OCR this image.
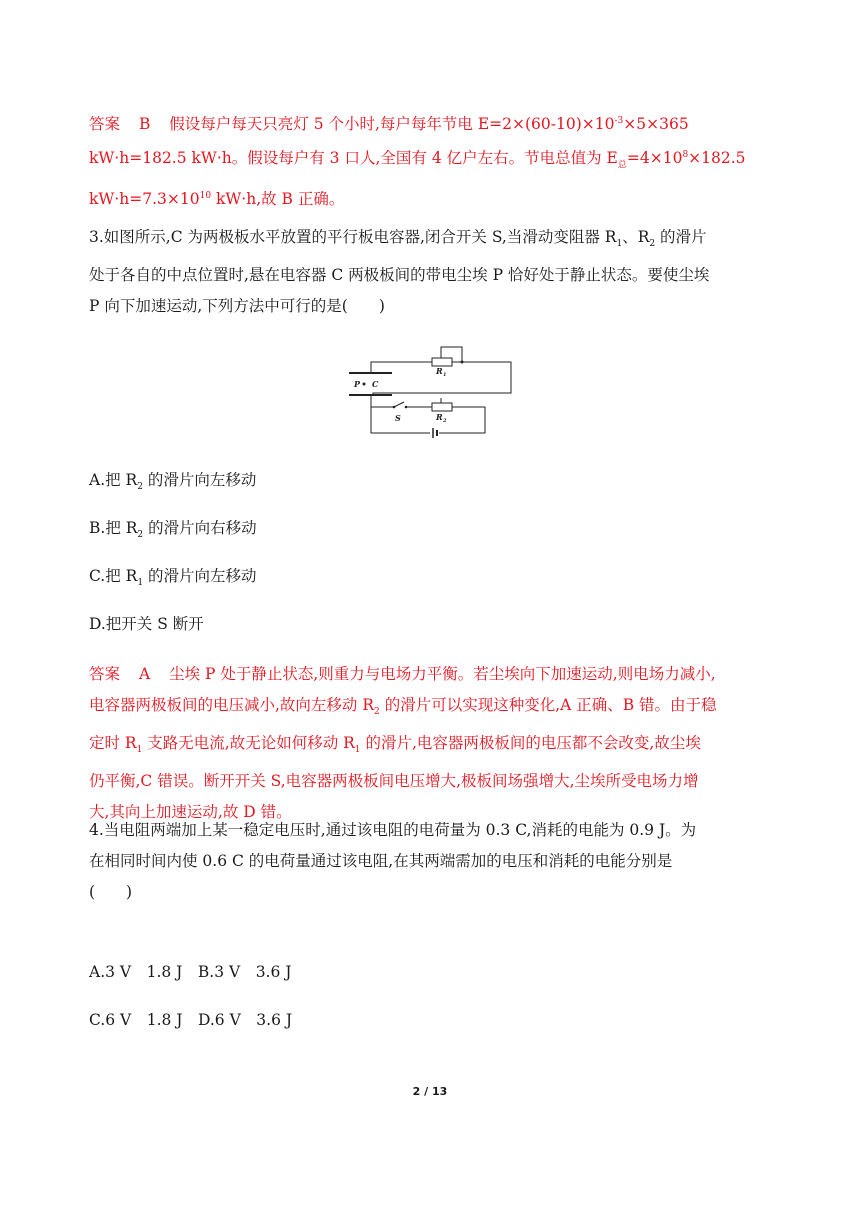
答案 B 假设每户每天只亮灯 5 个小时,每户每年节电 $E=2\times(60-10)\times 10^{-3}\times 5\times 365$
kW·h=182.5 kW·h。假设每户有 3 口人,全国有 4 亿户左右。节电总值为 $E_总=4\times 10^8\times 182.5$
$kW\cdot h=7.3\times 10^{10}$ kW·h,故 B 正确。
3.如图所示,C 为两极板水平放置的平行板电容器,闭合开关 S,当滑动变阻器 $R_1$、$R_2$ 的滑片
处于各自的中点位置时,悬在电容器 C 两极板间的带电尘埃 P 恰好处于静止状态。要使尘埃
P 向下加速运动,下列方法中可行的是(　　)
P C
R 1
R 2
S
A.把 $R_2$ 的滑片向左移动
B.把 $R_2$ 的滑片向右移动
C.把 $R_1$ 的滑片向左移动
D.把开关 S 断开
答案 A 尘埃 P 处于静止状态,则重力与电场力平衡。若尘埃向下加速运动,则电场力减小,
电容器两极板间的电压减小,故向左移动 $R_2$ 的滑片可以实现这种变化,A 正确、B 错。由于稳
定时 $R_1$ 支路无电流,故无论如何移动 $R_1$ 的滑片,电容器两极板间的电压都不会改变,故尘埃
仍平衡,C 错误。断开开关 S,电容器两极板间电压增大,极板间场强增大,尘埃所受电场力增
大,其向上加速运动,故 D 错。
4.当电阻两端加上某一稳定电压时,通过该电阻的电荷量为 0.3 C,消耗的电能为 0.9 J。为
在相同时间内使 0.6 C 的电荷量通过该电阻,在其两端需加的电压和消耗的电能分别是
(　　)
A.3 V　1.8 J　B.3 V　3.6 J
C.6 V　1.8 J　D.6 V　3.6 J
2 / 13
